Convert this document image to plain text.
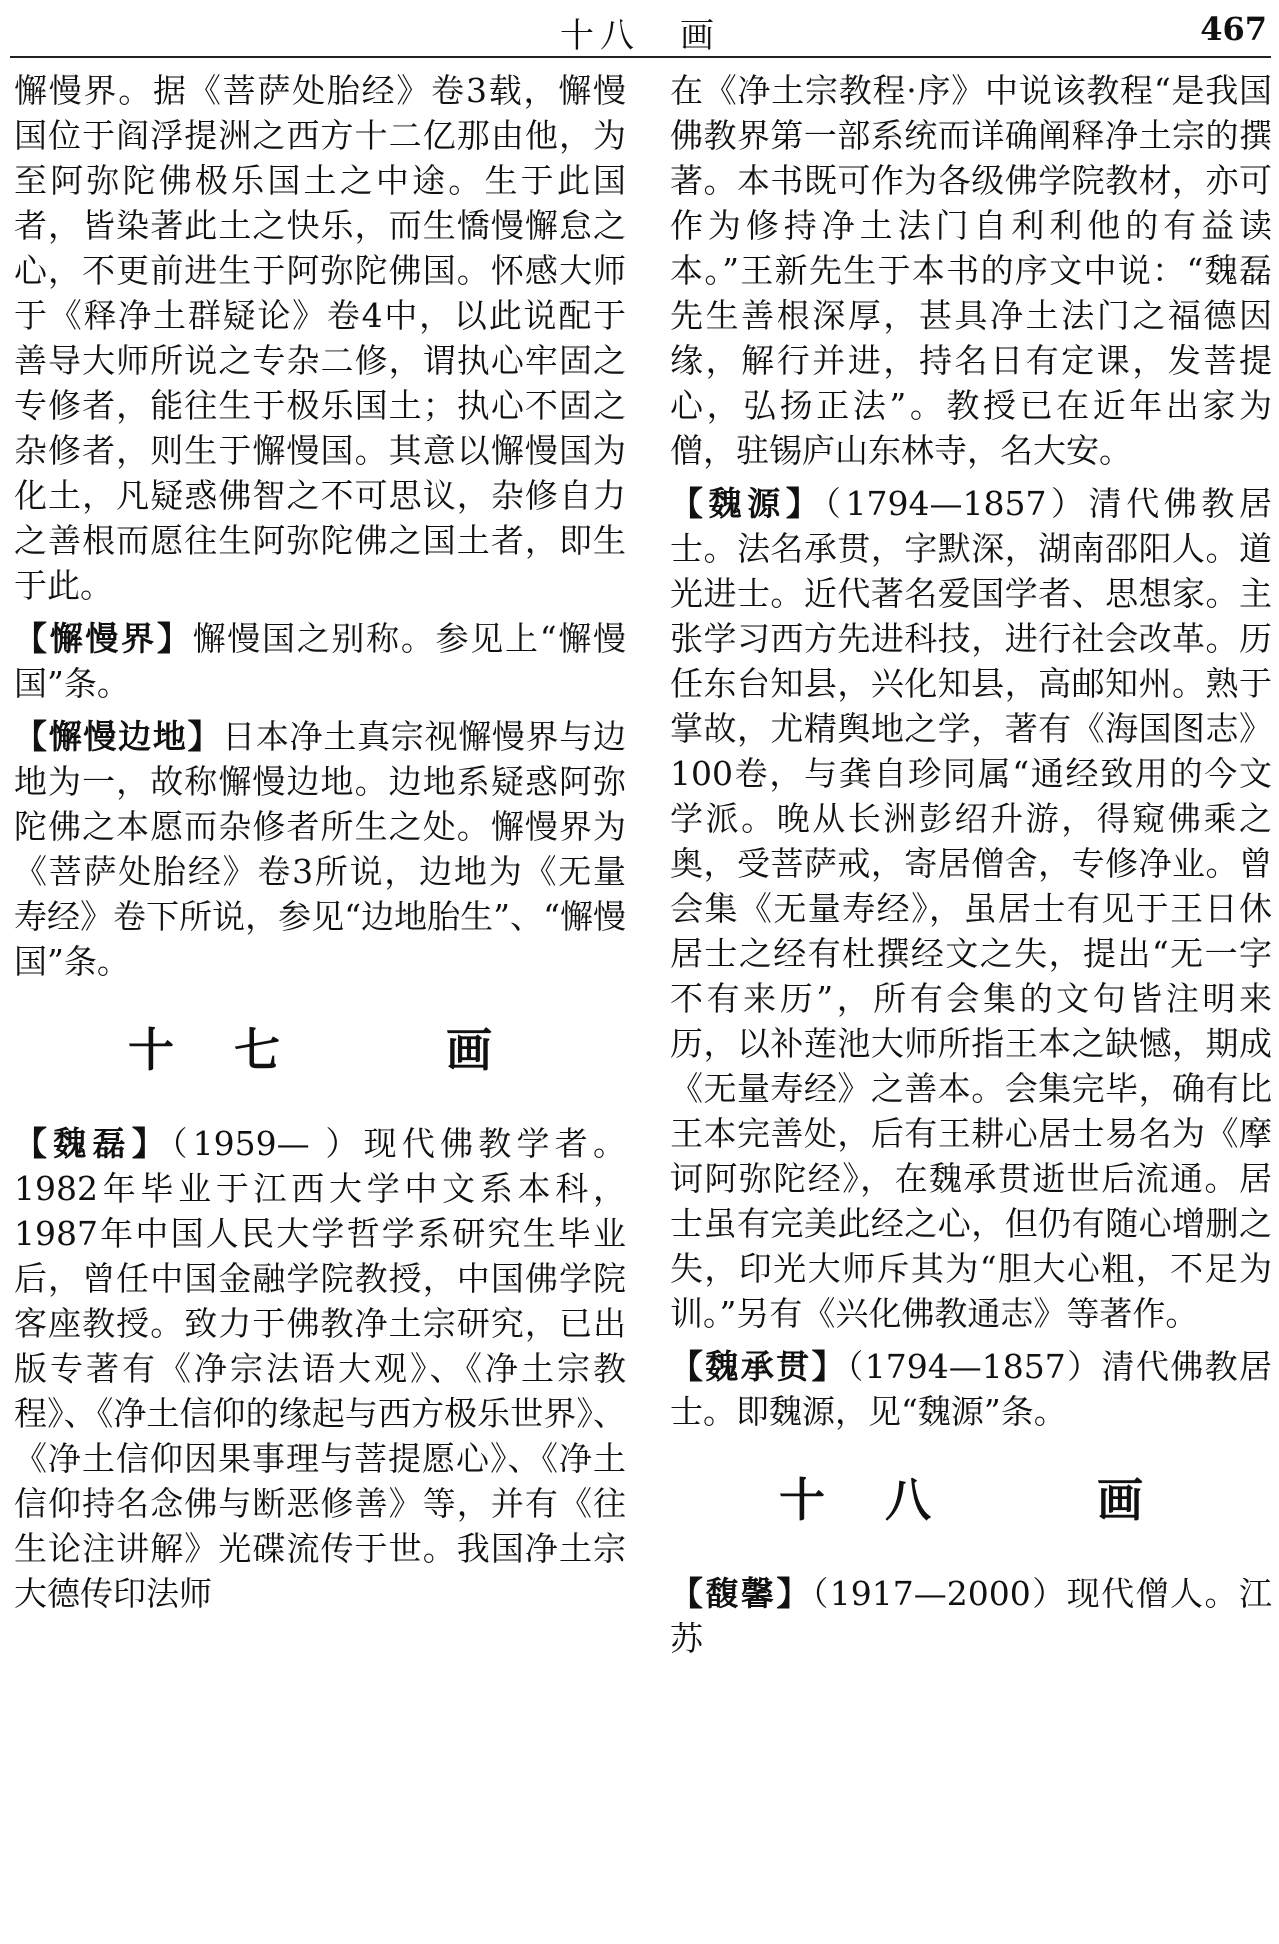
十八　画	467

懈慢界。据《菩萨处胎经》卷3载，懈慢国位于阎浮提洲之西方十二亿那由他，为至阿弥陀佛极乐国土之中途。生于此国者，皆染著此土之快乐，而生憍慢懈怠之心，不更前进生于阿弥陀佛国。怀感大师于《释净土群疑论》卷4中，以此说配于善导大师所说之专杂二修，谓执心牢固之专修者，能往生于极乐国土；执心不固之杂修者，则生于懈慢国。其意以懈慢国为化土，凡疑惑佛智之不可思议，杂修自力之善根而愿往生阿弥陀佛之国土者，即生于此。

【懈慢界】懈慢国之别称。参见上“懈慢国”条。

【懈慢边地】日本净土真宗视懈慢界与边地为一，故称懈慢边地。边地系疑惑阿弥陀佛之本愿而杂修者所生之处。懈慢界为《菩萨处胎经》卷3所说，边地为《无量寿经》卷下所说，参见“边地胎生”、“懈慢国”条。

十七　画

【魏磊】（1959— ）现代佛教学者。1982年毕业于江西大学中文系本科，1987年中国人民大学哲学系研究生毕业后，曾任中国金融学院教授，中国佛学院客座教授。致力于佛教净土宗研究，已出版专著有《净宗法语大观》、《净土宗教程》、《净土信仰的缘起与西方极乐世界》、《净土信仰因果事理与菩提愿心》、《净土信仰持名念佛与断恶修善》等，并有《往生论注讲解》光碟流传于世。我国净土宗大德传印法师

在《净土宗教程·序》中说该教程“是我国佛教界第一部系统而详确阐释净土宗的撰著。本书既可作为各级佛学院教材，亦可作为修持净土法门自利利他的有益读本。”王新先生于本书的序文中说：“魏磊先生善根深厚，甚具净土法门之福德因缘，解行并进，持名日有定课，发菩提心，弘扬正法”。教授已在近年出家为僧，驻锡庐山东林寺，名大安。

【魏源】（1794—1857）清代佛教居士。法名承贯，字默深，湖南邵阳人。道光进士。近代著名爱国学者、思想家。主张学习西方先进科技，进行社会改革。历任东台知县，兴化知县，高邮知州。熟于掌故，尤精舆地之学，著有《海国图志》100卷，与龚自珍同属“通经致用的今文学派。晚从长洲彭绍升游，得窥佛乘之奥，受菩萨戒，寄居僧舍，专修净业。曾会集《无量寿经》，虽居士有见于王日休居士之经有杜撰经文之失，提出“无一字不有来历”，所有会集的文句皆注明来历，以补莲池大师所指王本之缺憾，期成《无量寿经》之善本。会集完毕，确有比王本完善处，后有王耕心居士易名为《摩诃阿弥陀经》，在魏承贯逝世后流通。居士虽有完美此经之心，但仍有随心增删之失，印光大师斥其为“胆大心粗，不足为训。”另有《兴化佛教通志》等著作。

【魏承贯】（1794—1857）清代佛教居士。即魏源，见“魏源”条。

十八　画

【馥馨】（1917—2000）现代僧人。江苏
